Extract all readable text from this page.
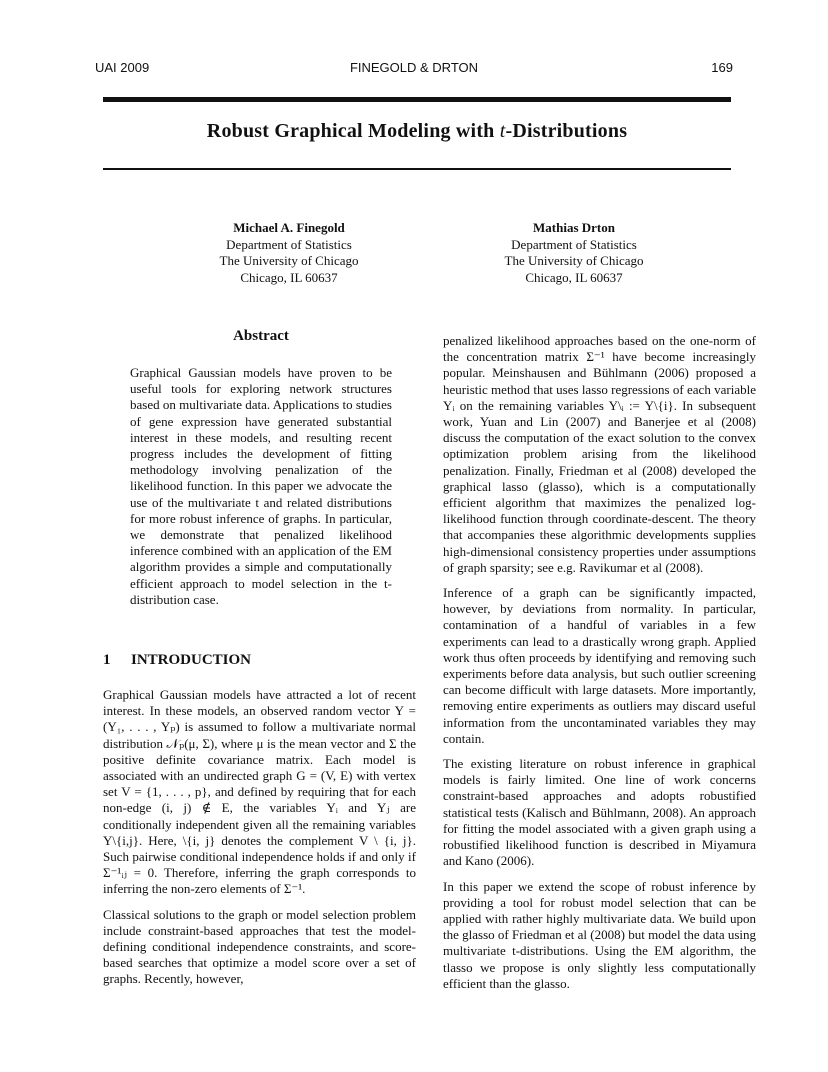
UAI 2009	FINEGOLD & DRTON	169
Robust Graphical Modeling with t-Distributions
Michael A. Finegold
Department of Statistics
The University of Chicago
Chicago, IL 60637
Mathias Drton
Department of Statistics
The University of Chicago
Chicago, IL 60637
Abstract
Graphical Gaussian models have proven to be useful tools for exploring network structures based on multivariate data. Applications to studies of gene expression have generated substantial interest in these models, and resulting recent progress includes the development of fitting methodology involving penalization of the likelihood function. In this paper we advocate the use of the multivariate t and related distributions for more robust inference of graphs. In particular, we demonstrate that penalized likelihood inference combined with an application of the EM algorithm provides a simple and computationally efficient approach to model selection in the t-distribution case.
1 INTRODUCTION

Graphical Gaussian models have attracted a lot of recent interest. In these models, an observed random vector Y = (Y₁, . . . , Yₚ) is assumed to follow a multivariate normal distribution 𝒩ₚ(μ, Σ), where μ is the mean vector and Σ the positive definite covariance matrix. Each model is associated with an undirected graph G = (V, E) with vertex set V = {1, . . . , p}, and defined by requiring that for each non-edge (i, j) ∉ E, the variables Yᵢ and Yⱼ are conditionally independent given all the remaining variables Y\{i,j}. Here, \{i, j} denotes the complement V \ {i, j}. Such pairwise conditional independence holds if and only if Σ⁻¹ᵢⱼ = 0. Therefore, inferring the graph corresponds to inferring the non-zero elements of Σ⁻¹.

Classical solutions to the graph or model selection problem include constraint-based approaches that test the model-defining conditional independence constraints, and score-based searches that optimize a model score over a set of graphs. Recently, however,

penalized likelihood approaches based on the one-norm of the concentration matrix Σ⁻¹ have become increasingly popular. Meinshausen and Bühlmann (2006) proposed a heuristic method that uses lasso regressions of each variable Yᵢ on the remaining variables Y\ᵢ := Y\{i}. In subsequent work, Yuan and Lin (2007) and Banerjee et al (2008) discuss the computation of the exact solution to the convex optimization problem arising from the likelihood penalization. Finally, Friedman et al (2008) developed the graphical lasso (glasso), which is a computationally efficient algorithm that maximizes the penalized log-likelihood function through coordinate-descent. The theory that accompanies these algorithmic developments supplies high-dimensional consistency properties under assumptions of graph sparsity; see e.g. Ravikumar et al (2008).

Inference of a graph can be significantly impacted, however, by deviations from normality. In particular, contamination of a handful of variables in a few experiments can lead to a drastically wrong graph. Applied work thus often proceeds by identifying and removing such experiments before data analysis, but such outlier screening can become difficult with large datasets. More importantly, removing entire experiments as outliers may discard useful information from the uncontaminated variables they may contain.

The existing literature on robust inference in graphical models is fairly limited. One line of work concerns constraint-based approaches and adopts robustified statistical tests (Kalisch and Bühlmann, 2008). An approach for fitting the model associated with a given graph using a robustified likelihood function is described in Miyamura and Kano (2006).

In this paper we extend the scope of robust inference by providing a tool for robust model selection that can be applied with rather highly multivariate data. We build upon the glasso of Friedman et al (2008) but model the data using multivariate t-distributions. Using the EM algorithm, the tlasso we propose is only slightly less computationally efficient than the glasso.
